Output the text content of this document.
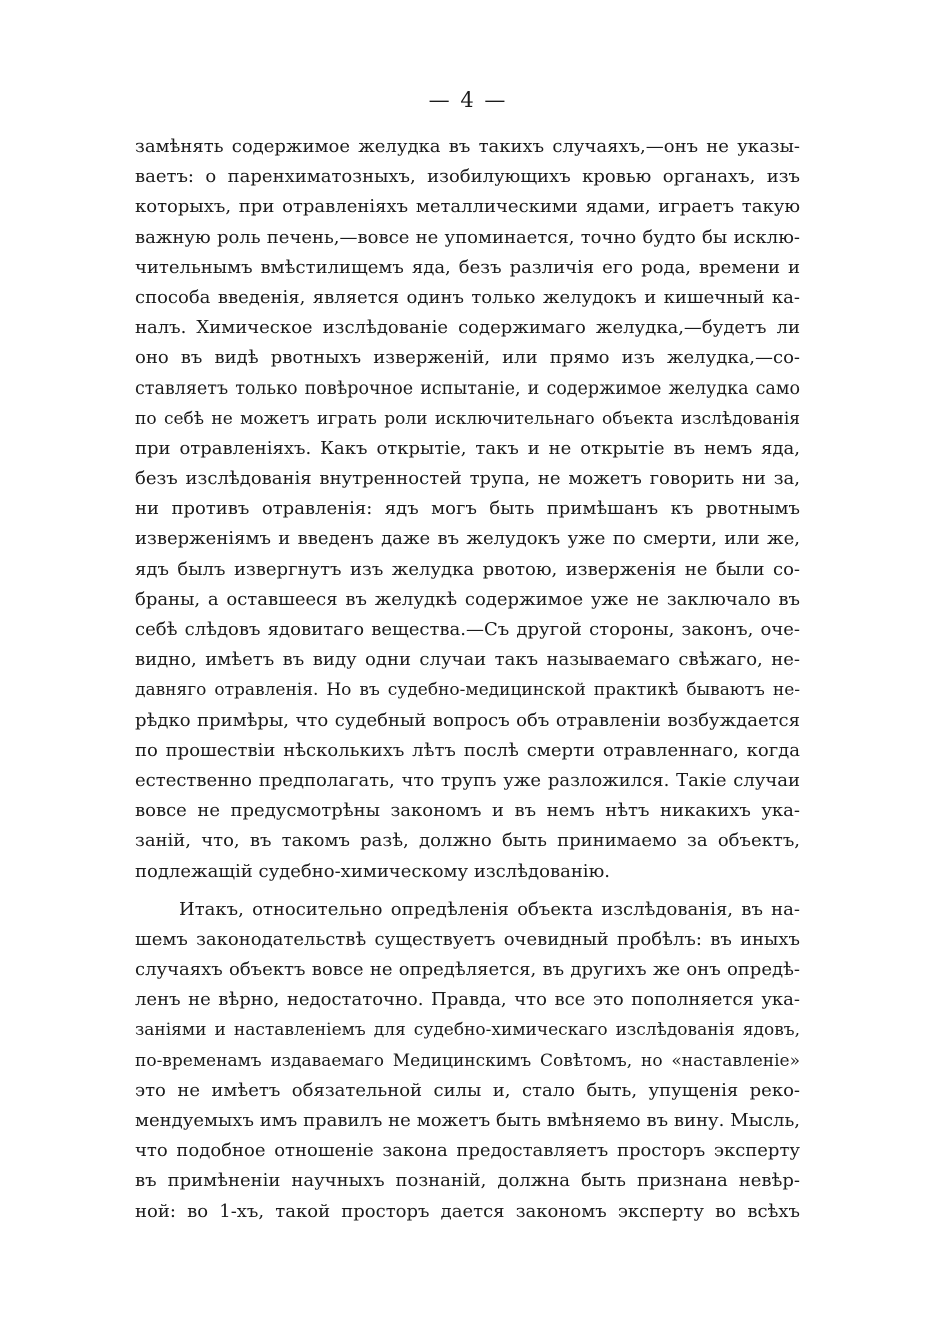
— 4 —
замѣнять содержимое желудка въ такихъ случаяхъ,—онъ не указы-
ваетъ: о паренхиматозныхъ, изобилующихъ кровью органахъ, изъ
которыхъ, при отравленіяхъ металлическими ядами, играетъ такую
важную роль печень,—вовсе не упоминается, точно будто бы исклю-
чительнымъ вмѣстилищемъ яда, безъ различія его рода, времени и
способа введенія, является одинъ только желудокъ и кишечный ка-
налъ. Химическое изслѣдованіе содержимаго желудка,—будетъ ли
оно въ видѣ рвотныхъ изверженій, или прямо изъ желудка,—со-
ставляетъ только повѣрочное испытаніе, и содержимое желудка само
по себѣ не можетъ играть роли исключительнаго объекта изслѣдованія
при отравленіяхъ. Какъ открытіе, такъ и не открытіе въ немъ яда,
безъ изслѣдованія внутренностей трупа, не можетъ говорить ни за,
ни противъ отравленія: ядъ могъ быть примѣшанъ къ рвотнымъ
изверженіямъ и введенъ даже въ желудокъ уже по смерти, или же,
ядъ былъ извергнутъ изъ желудка рвотою, изверженія не были со-
браны, а оставшееся въ желудкѣ содержимое уже не заключало въ
себѣ слѣдовъ ядовитаго вещества.—Съ другой стороны, законъ, оче-
видно, имѣетъ въ виду одни случаи такъ называемаго свѣжаго, не-
давняго отравленія. Но въ судебно-медицинской практикѣ бываютъ не-
рѣдко примѣры, что судебный вопросъ объ отравленіи возбуждается
по прошествіи нѣсколькихъ лѣтъ послѣ смерти отравленнаго, когда
естественно предполагать, что трупъ уже разложился. Такіе случаи
вовсе не предусмотрѣны закономъ и въ немъ нѣтъ никакихъ ука-
заній, что, въ такомъ разѣ, должно быть принимаемо за объектъ,
подлежащій судебно-химическому изслѣдованію.
Итакъ, относительно опредѣленія объекта изслѣдованія, въ на-
шемъ законодательствѣ существуетъ очевидный пробѣлъ: въ иныхъ
случаяхъ объектъ вовсе не опредѣляется, въ другихъ же онъ опредѣ-
ленъ не вѣрно, недостаточно. Правда, что все это пополняется ука-
заніями и наставленіемъ для судебно-химическаго изслѣдованія ядовъ,
по-временамъ издаваемаго Медицинскимъ Совѣтомъ, но «наставленіе»
это не имѣетъ обязательной силы и, стало быть, упущенія реко-
мендуемыхъ имъ правилъ не можетъ быть вмѣняемо въ вину. Мысль,
что подобное отношеніе закона предоставляетъ просторъ эксперту
въ примѣненіи научныхъ познаній, должна быть признана невѣр-
ной: во 1-хъ, такой просторъ дается закономъ эксперту во всѣхъ
